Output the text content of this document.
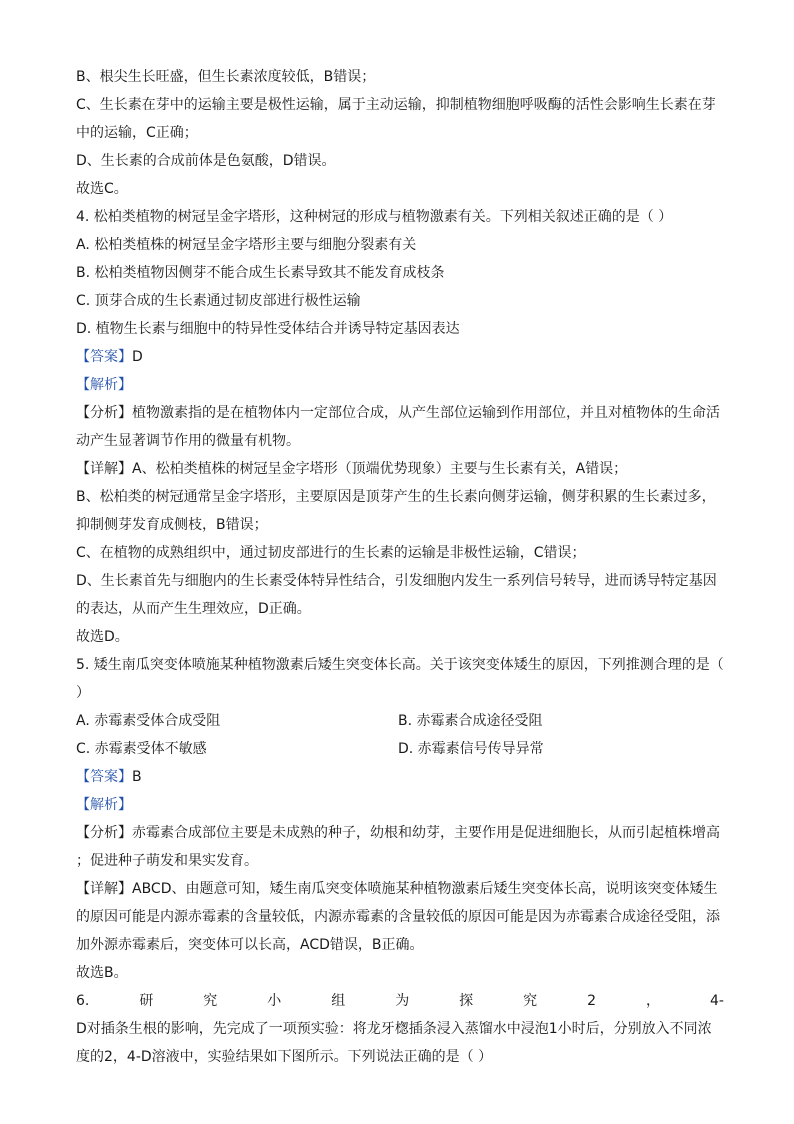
B、根尖生长旺盛，但生长素浓度较低，B错误；
C、生长素在芽中的运输主要是极性运输，属于主动运输，抑制植物细胞呼吸酶的活性会影响生长素在芽
中的运输，C正确；
D、生长素的合成前体是色氨酸，D错误。
故选C。
4. 松柏类植物的树冠呈金字塔形，这种树冠的形成与植物激素有关。下列相关叙述正确的是（ ）
A. 松柏类植株的树冠呈金字塔形主要与细胞分裂素有关
B. 松柏类植物因侧芽不能合成生长素导致其不能发育成枝条
C. 顶芽合成的生长素通过韧皮部进行极性运输
D. 植物生长素与细胞中的特异性受体结合并诱导特定基因表达
【答案】D
【解析】
【分析】植物激素指的是在植物体内一定部位合成，从产生部位运输到作用部位，并且对植物体的生命活
动产生显著调节作用的微量有机物。
【详解】A、松柏类植株的树冠呈金字塔形（顶端优势现象）主要与生长素有关，A错误；
B、松柏类的树冠通常呈金字塔形，主要原因是顶芽产生的生长素向侧芽运输，侧芽积累的生长素过多，
抑制侧芽发育成侧枝，B错误；
C、在植物的成熟组织中，通过韧皮部进行的生长素的运输是非极性运输，C错误；
D、生长素首先与细胞内的生长素受体特异性结合，引发细胞内发生一系列信号转导，进而诱导特定基因
的表达，从而产生生理效应，D正确。
故选D。
5. 矮生南瓜突变体喷施某种植物激素后矮生突变体长高。关于该突变体矮生的原因，下列推测合理的是（
）
A. 赤霉素受体合成受阻	B. 赤霉素合成途径受阻
C. 赤霉素受体不敏感	D. 赤霉素信号传导异常
【答案】B
【解析】
【分析】赤霉素合成部位主要是未成熟的种子，幼根和幼芽，主要作用是促进细胞长，从而引起植株增高
；促进种子萌发和果实发育。
【详解】ABCD、由题意可知，矮生南瓜突变体喷施某种植物激素后矮生突变体长高，说明该突变体矮生
的原因可能是内源赤霉素的含量较低，内源赤霉素的含量较低的原因可能是因为赤霉素合成途径受阻，添
加外源赤霉素后，突变体可以长高，ACD错误，B正确。
故选B。
6.	研	究	小	组	为	探	究	2	，	4-
D对插条生根的影响，先完成了一项预实验：将龙牙楤插条浸入蒸馏水中浸泡1小时后，分别放入不同浓
度的2，4-D溶液中，实验结果如下图所示。下列说法正确的是（ ）
